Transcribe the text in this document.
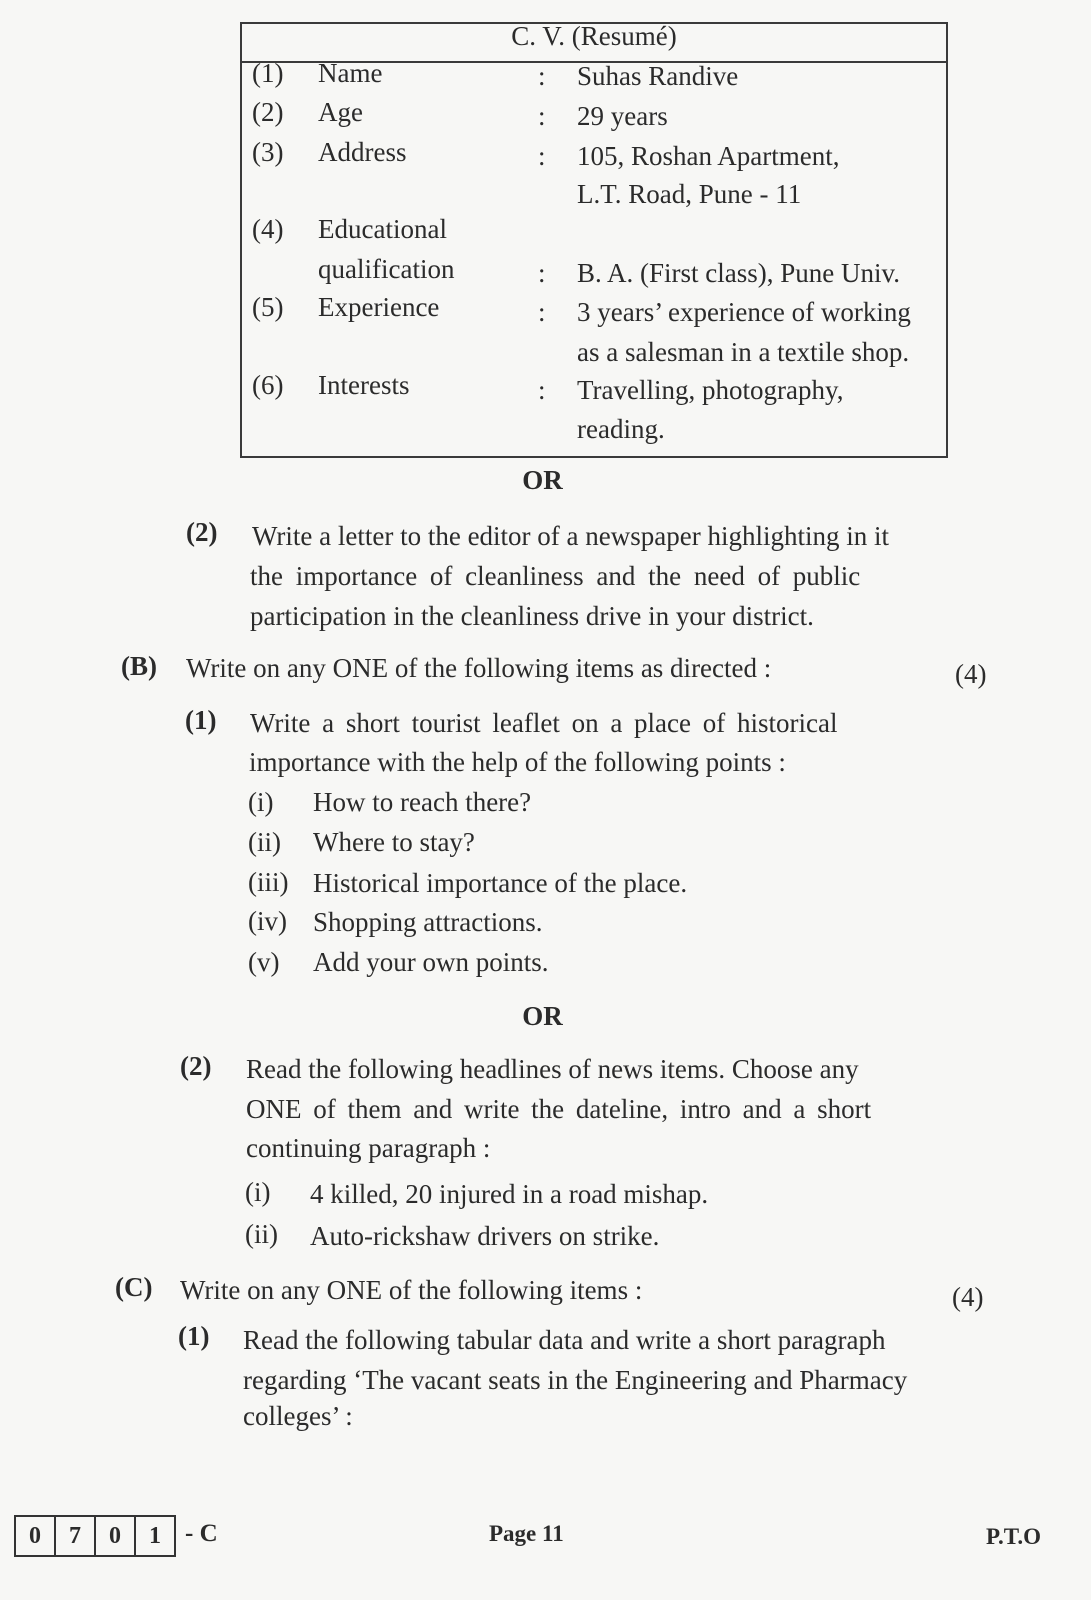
C. V. (Resumé)
(1) Name	: Suhas Randive
(2) Age	: 29 years
(3) Address	: 105, Roshan Apartment,
L.T. Road, Pune - 11
(4) Educational
qualification	: B. A. (First class), Pune Univ.
(5) Experience	: 3 years’ experience of working
as a salesman in a textile shop.
(6) Interests	: Travelling, photography,
reading.
OR
(2) Write a letter to the editor of a newspaper highlighting in it
the importance of cleanliness and the need of public
participation in the cleanliness drive in your district.
(B) Write on any ONE of the following items as directed :	(4)
(1) Write a short tourist leaflet on a place of historical
importance with the help of the following points :
(i) How to reach there?
(ii) Where to stay?
(iii) Historical importance of the place.
(iv) Shopping attractions.
(v) Add your own points.
OR
(2) Read the following headlines of news items. Choose any
ONE of them and write the dateline, intro and a short
continuing paragraph :
(i) 4 killed, 20 injured in a road mishap.
(ii) Auto-rickshaw drivers on strike.
(C) Write on any ONE of the following items :	(4)
(1) Read the following tabular data and write a short paragraph
regarding ‘The vacant seats in the Engineering and Pharmacy
colleges’ :
0	7	0	1 - C	Page 11	P.T.O
